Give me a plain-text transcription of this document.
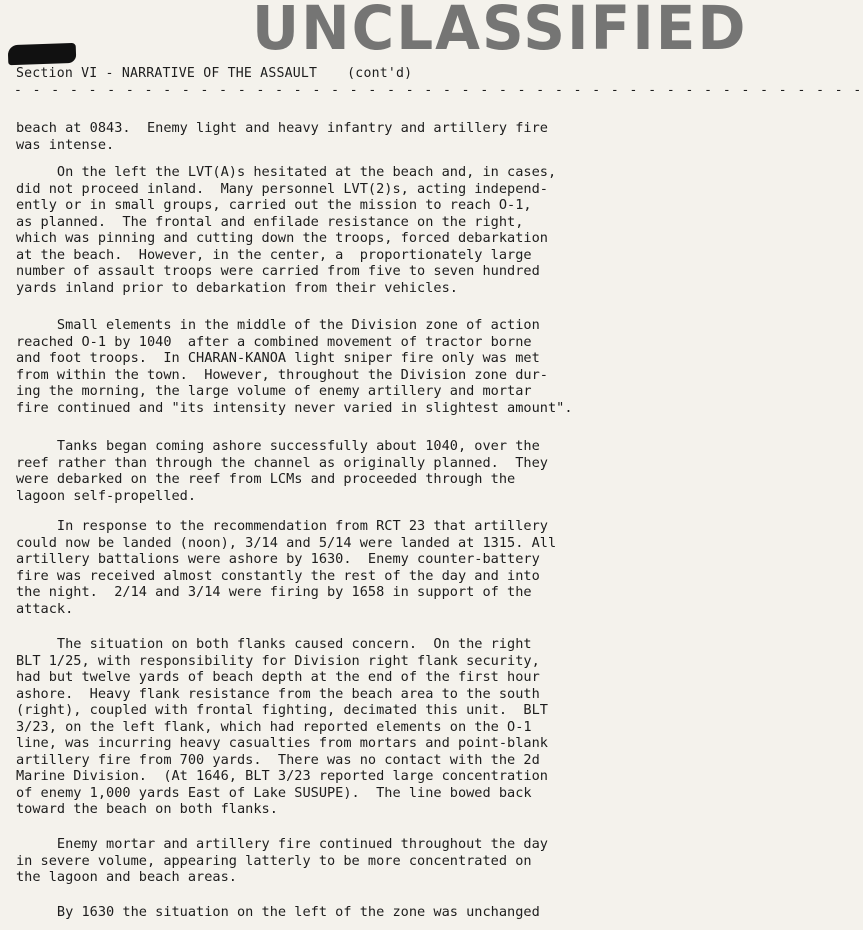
UNCLASSIFIED
Section VI - NARRATIVE OF THE ASSAULT (cont'd)
- - - - - - - - - - - - - - - - - - - - - - - - - - - - - - - - - - - - - - - - - - - - - -

beach at 0843.  Enemy light and heavy infantry and artillery fire
was intense.

On the left the LVT(A)s hesitated at the beach and, in cases,
did not proceed inland.  Many personnel LVT(2)s, acting independ-
ently or in small groups, carried out the mission to reach O-1,
as planned.  The frontal and enfilade resistance on the right,
which was pinning and cutting down the troops, forced debarkation
at the beach.  However, in the center, a  proportionately large
number of assault troops were carried from five to seven hundred
yards inland prior to debarkation from their vehicles.

Small elements in the middle of the Division zone of action
reached O-1 by 1040  after a combined movement of tractor borne
and foot troops.  In CHARAN-KANOA light sniper fire only was met
from within the town.  However, throughout the Division zone dur-
ing the morning, the large volume of enemy artillery and mortar
fire continued and "its intensity never varied in slightest amount".

Tanks began coming ashore successfully about 1040, over the
reef rather than through the channel as originally planned.  They
were debarked on the reef from LCMs and proceeded through the
lagoon self-propelled.

In response to the recommendation from RCT 23 that artillery
could now be landed (noon), 3/14 and 5/14 were landed at 1315. All
artillery battalions were ashore by 1630.  Enemy counter-battery
fire was received almost constantly the rest of the day and into
the night.  2/14 and 3/14 were firing by 1658 in support of the
attack.

The situation on both flanks caused concern.  On the right
BLT 1/25, with responsibility for Division right flank security,
had but twelve yards of beach depth at the end of the first hour
ashore.  Heavy flank resistance from the beach area to the south
(right), coupled with frontal fighting, decimated this unit.  BLT
3/23, on the left flank, which had reported elements on the O-1
line, was incurring heavy casualties from mortars and point-blank
artillery fire from 700 yards.  There was no contact with the 2d
Marine Division.  (At 1646, BLT 3/23 reported large concentration
of enemy 1,000 yards East of Lake SUSUPE).  The line bowed back
toward the beach on both flanks.

Enemy mortar and artillery fire continued throughout the day
in severe volume, appearing latterly to be more concentrated on
the lagoon and beach areas.

By 1630 the situation on the left of the zone was unchanged
